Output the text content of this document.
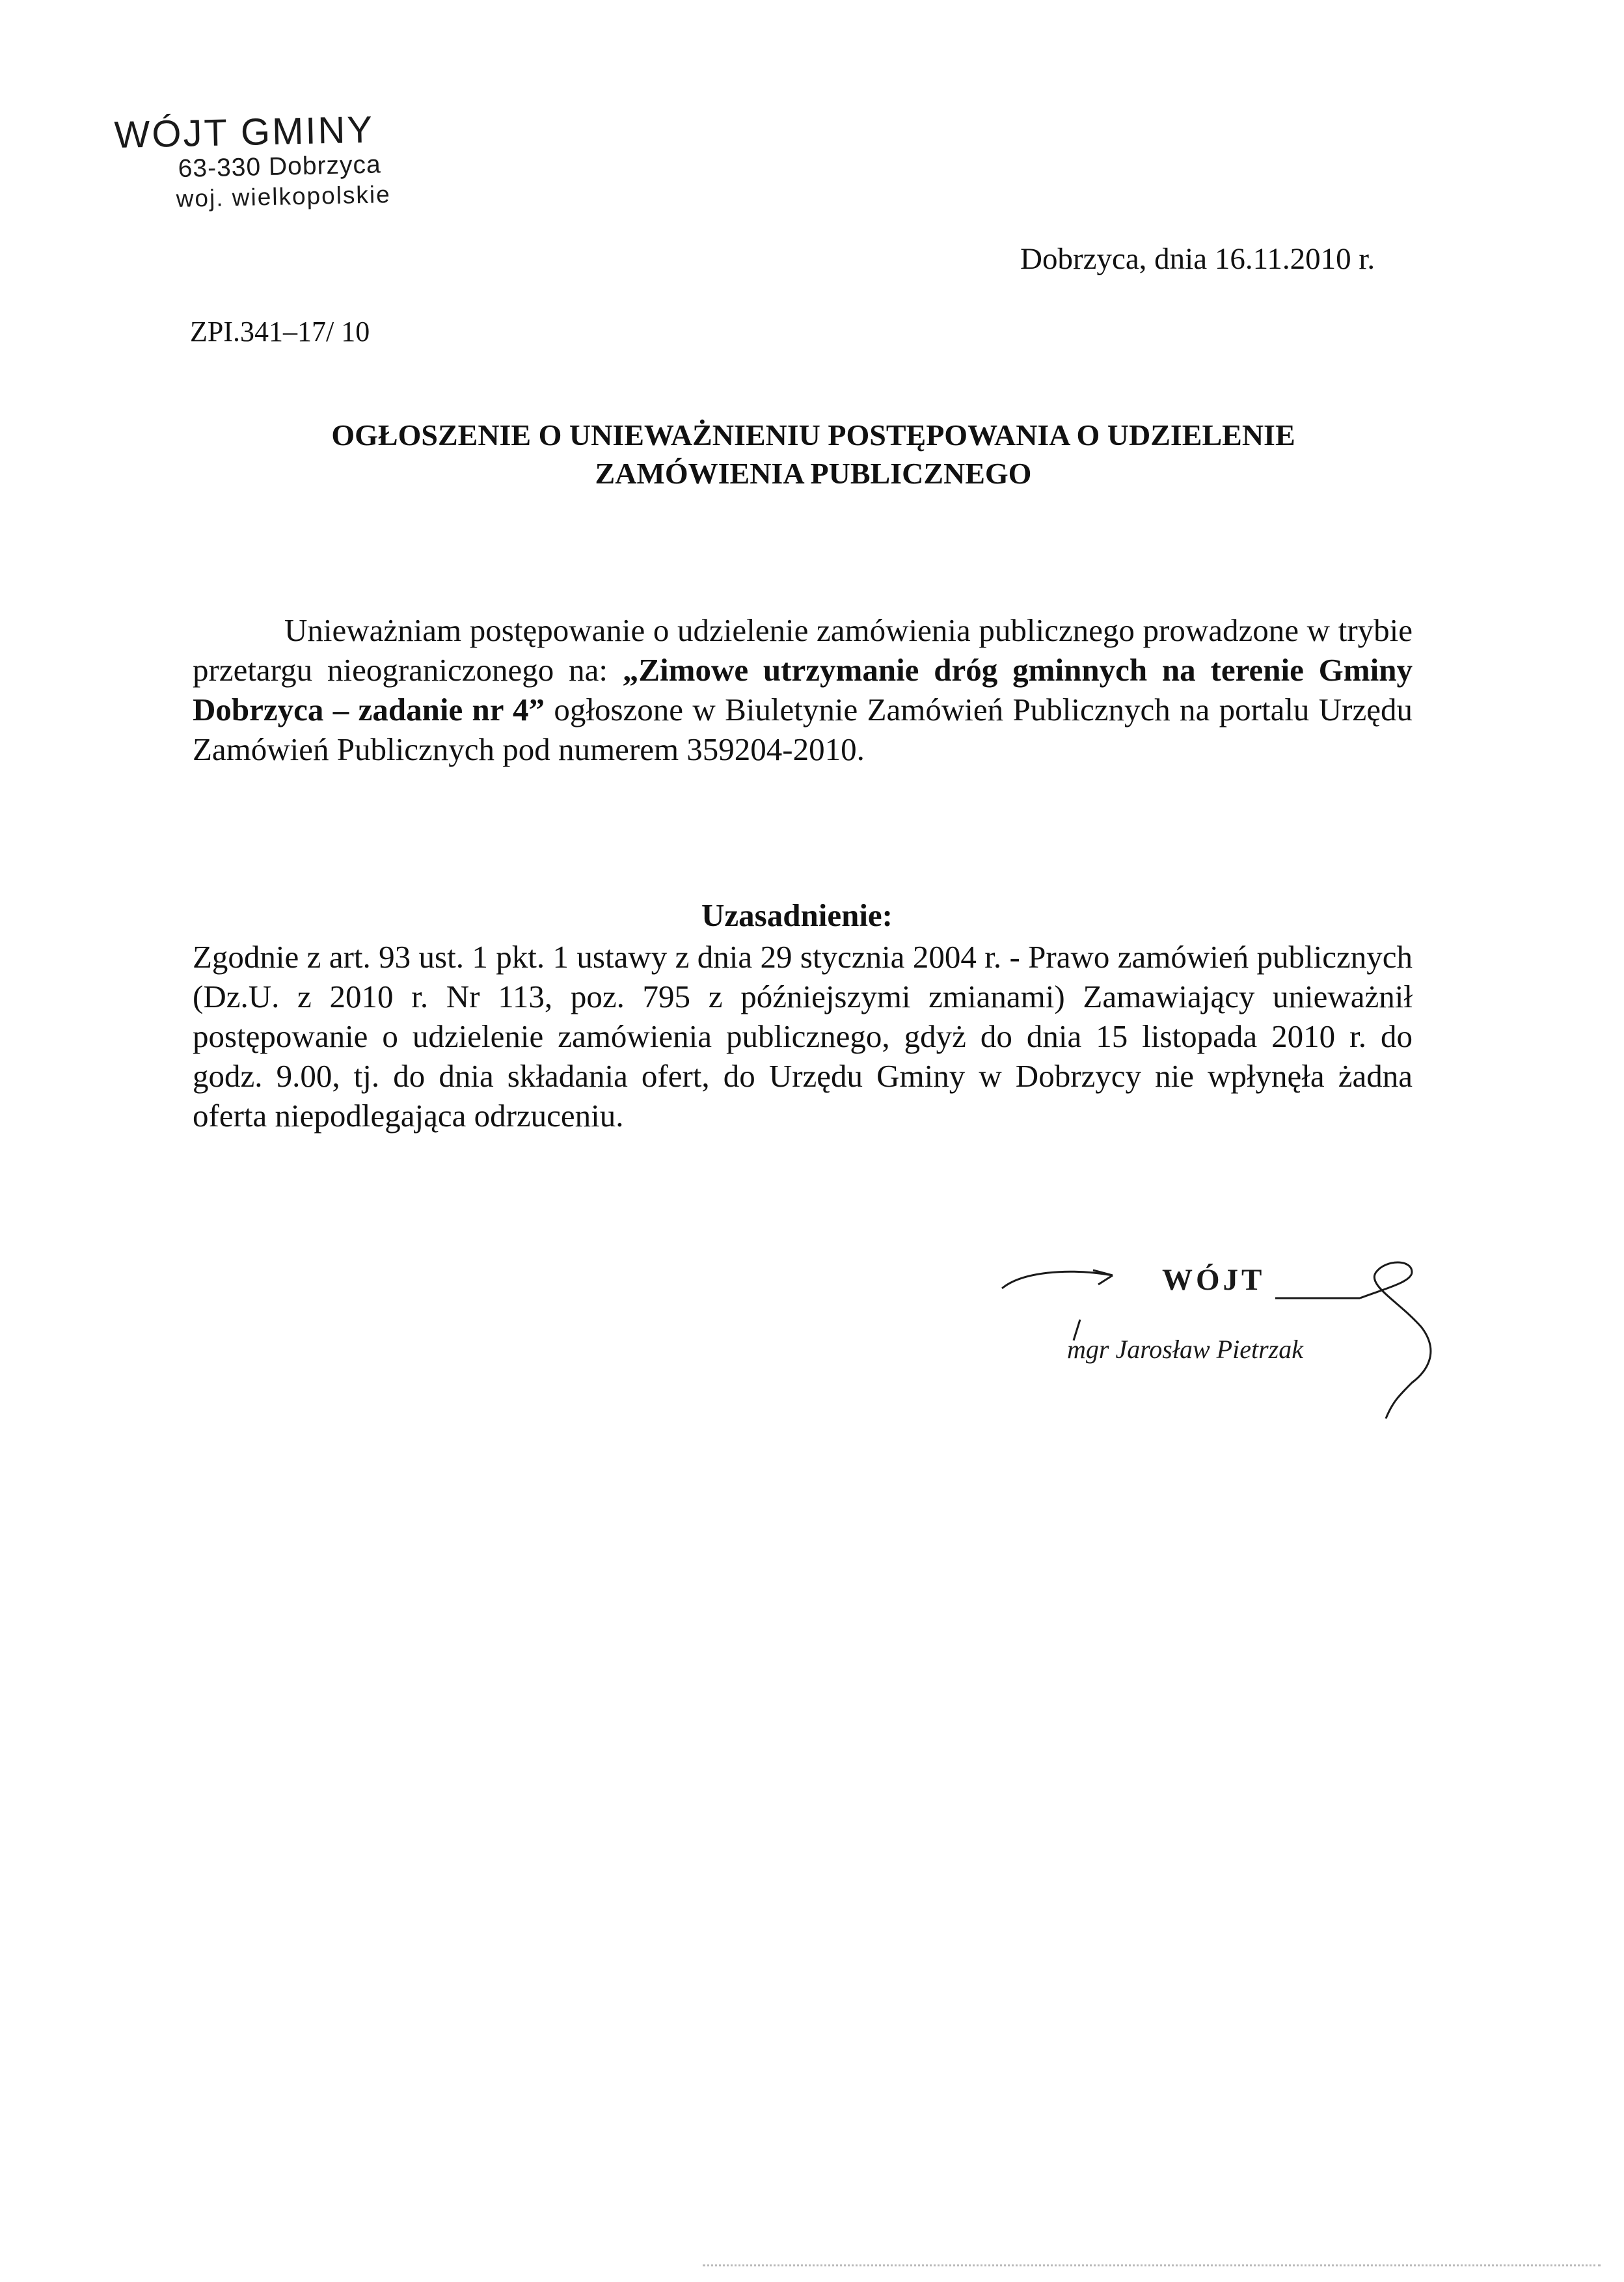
WÓJT GMINY
63-330 Dobrzyca
woj. wielkopolskie
Dobrzyca, dnia 16.11.2010 r.
ZPI.341–17/ 10
OGŁOSZENIE O UNIEWAŻNIENIU POSTĘPOWANIA O UDZIELENIE
ZAMÓWIENIA PUBLICZNEGO
Unieważniam postępowanie o udzielenie zamówienia publicznego prowadzone w trybie przetargu nieograniczonego na: „Zimowe utrzymanie dróg gminnych na terenie Gminy Dobrzyca – zadanie nr 4” ogłoszone w Biuletynie Zamówień Publicznych na portalu Urzędu Zamówień Publicznych pod numerem 359204-2010.
Uzasadnienie:
Zgodnie z art. 93 ust. 1 pkt. 1 ustawy z dnia 29 stycznia 2004 r. - Prawo zamówień publicznych (Dz.U. z 2010 r. Nr 113, poz. 795 z późniejszymi zmianami) Zamawiający unieważnił postępowanie o udzielenie zamówienia publicznego, gdyż do dnia 15 listopada 2010 r. do godz. 9.00, tj. do dnia składania ofert, do Urzędu Gminy w Dobrzycy nie wpłynęła żadna oferta niepodlegająca odrzuceniu.
WÓJT
mgr Jarosław Pietrzak
